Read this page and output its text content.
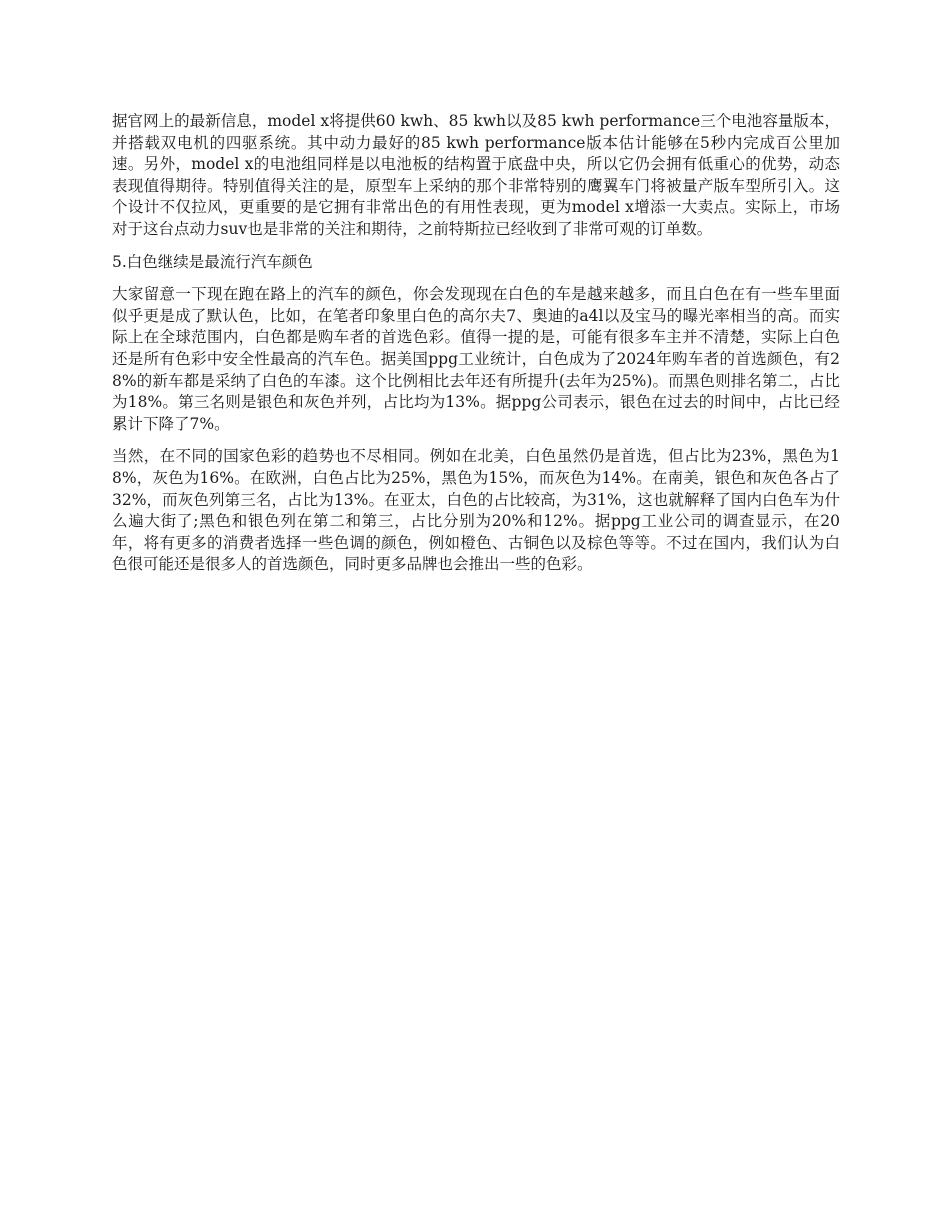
据官网上的最新信息，model x将提供60 kwh、85 kwh以及85 kwh performance三个电池容量版本，并搭载双电机的四驱系统。其中动力最好的85 kwh performance版本估计能够在5秒内完成百公里加速。另外，model x的电池组同样是以电池板的结构置于底盘中央，所以它仍会拥有低重心的优势，动态表现值得期待。特别值得关注的是，原型车上采纳的那个非常特别的鹰翼车门将被量产版车型所引入。这个设计不仅拉风，更重要的是它拥有非常出色的有用性表现，更为model x增添一大卖点。实际上，市场对于这台点动力suv也是非常的关注和期待，之前特斯拉已经收到了非常可观的订单数。

5.白色继续是最流行汽车颜色

大家留意一下现在跑在路上的汽车的颜色，你会发现现在白色的车是越来越多，而且白色在有一些车里面似乎更是成了默认色，比如，在笔者印象里白色的高尔夫7、奥迪的a4l以及宝马的曝光率相当的高。而实际上在全球范围内，白色都是购车者的首选色彩。值得一提的是，可能有很多车主并不清楚，实际上白色还是所有色彩中安全性最高的汽车色。据美国ppg工业统计，白色成为了2024年购车者的首选颜色，有28%的新车都是采纳了白色的车漆。这个比例相比去年还有所提升(去年为25%)。而黑色则排名第二，占比为18%。第三名则是银色和灰色并列，占比均为13%。据ppg公司表示，银色在过去的时间中，占比已经累计下降了7%。

当然，在不同的国家色彩的趋势也不尽相同。例如在北美，白色虽然仍是首选，但占比为23%，黑色为18%，灰色为16%。在欧洲，白色占比为25%，黑色为15%，而灰色为14%。在南美，银色和灰色各占了32%，而灰色列第三名，占比为13%。在亚太，白色的占比较高，为31%，这也就解释了国内白色车为什么遍大街了;黑色和银色列在第二和第三，占比分别为20%和12%。据ppg工业公司的调查显示，在20年，将有更多的消费者选择一些色调的颜色，例如橙色、古铜色以及棕色等等。不过在国内，我们认为白色很可能还是很多人的首选颜色，同时更多品牌也会推出一些的色彩。
